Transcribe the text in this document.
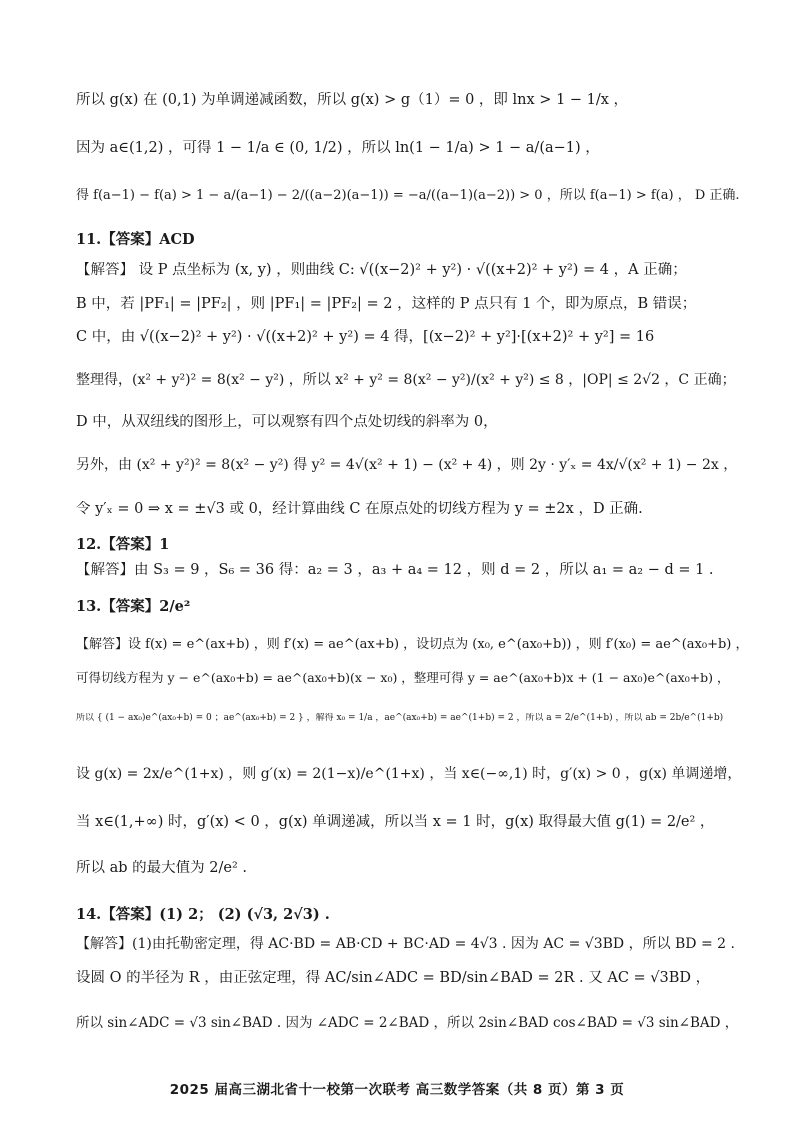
所以 g(x) 在 (0,1) 为单调递减函数，所以 g(x) > g（1）= 0 ，即 lnx > 1 − 1/x ，
因为 a∈(1,2) ，可得 1 − 1/a ∈ (0, 1/2) ，所以 ln(1 − 1/a) > 1 − a/(a−1) ，
得 f(a−1) − f(a) > 1 − a/(a−1) − 2/((a−2)(a−1)) = −a/((a−1)(a−2)) > 0 ，所以 f(a−1) > f(a) ， D 正确.
11.【答案】ACD
【解答】 设 P 点坐标为 (x, y) ，则曲线 C: √((x−2)² + y²) · √((x+2)² + y²) = 4 ，A 正确；
B 中，若 |PF₁| = |PF₂| ，则 |PF₁| = |PF₂| = 2 ，这样的 P 点只有 1 个，即为原点，B 错误；
C 中，由 √((x−2)² + y²) · √((x+2)² + y²) = 4 得，[(x−2)² + y²]·[(x+2)² + y²] = 16
整理得，(x² + y²)² = 8(x² − y²) ，所以 x² + y² = 8(x² − y²)/(x² + y²) ≤ 8 ，|OP| ≤ 2√2 ，C 正确；
D 中，从双纽线的图形上，可以观察有四个点处切线的斜率为 0，
另外，由 (x² + y²)² = 8(x² − y²) 得 y² = 4√(x² + 1) − (x² + 4) ，则 2y · y′ₓ = 4x/√(x² + 1) − 2x ，
令 y′ₓ = 0 ⇒ x = ±√3 或 0，经计算曲线 C 在原点处的切线方程为 y = ±2x ，D 正确.
12.【答案】1
【解答】由 S₃ = 9 ，S₆ = 36 得：a₂ = 3 ，a₃ + a₄ = 12 ，则 d = 2 ，所以 a₁ = a₂ − d = 1 .
13.【答案】2/e²
【解答】设 f(x) = e^(ax+b) ，则 f′(x) = ae^(ax+b) ，设切点为 (x₀, e^(ax₀+b)) ，则 f′(x₀) = ae^(ax₀+b) ，
可得切线方程为 y − e^(ax₀+b) = ae^(ax₀+b)(x − x₀) ，整理可得 y = ae^(ax₀+b)x + (1 − ax₀)e^(ax₀+b) ，
所以 { (1 − ax₀)e^(ax₀+b) = 0 ；ae^(ax₀+b) = 2 } ，解得 x₀ = 1/a ，ae^(ax₀+b) = ae^(1+b) = 2 ，所以 a = 2/e^(1+b) ，所以 ab = 2b/e^(1+b)
设 g(x) = 2x/e^(1+x) ，则 g′(x) = 2(1−x)/e^(1+x) ，当 x∈(−∞,1) 时，g′(x) > 0 ，g(x) 单调递增，
当 x∈(1,+∞) 时，g′(x) < 0 ，g(x) 单调递减，所以当 x = 1 时，g(x) 取得最大值 g(1) = 2/e² ，
所以 ab 的最大值为 2/e² .
14.【答案】(1) 2； (2) (√3, 2√3) .
【解答】(1)由托勒密定理，得 AC·BD = AB·CD + BC·AD = 4√3 . 因为 AC = √3BD ，所以 BD = 2 .
设圆 O 的半径为 R ，由正弦定理，得 AC/sin∠ADC = BD/sin∠BAD = 2R . 又 AC = √3BD ，
所以 sin∠ADC = √3 sin∠BAD . 因为 ∠ADC = 2∠BAD ，所以 2sin∠BAD cos∠BAD = √3 sin∠BAD ，
2025 届高三湖北省十一校第一次联考 高三数学答案（共 8 页）第 3 页
